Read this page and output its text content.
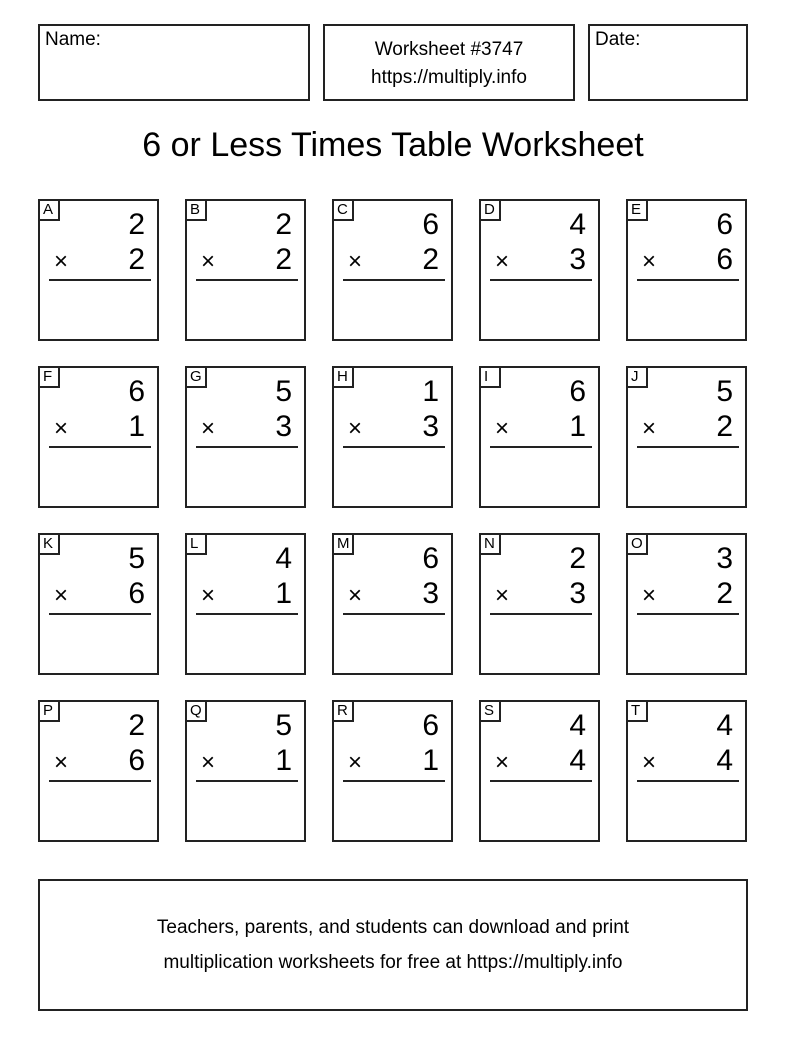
Name:	Worksheet #3747
https://multiply.info
Date:
6 or Less Times Table Worksheet
A	2
× 2
B	2
× 2
C 6
× 2
D 4
× 3
E	6
× 6
F	6
× 1
G 5
× 3
H 1
× 3
I	6
× 1
J	5
× 2
K	5
× 6
L	4
× 1
M 6
× 3
N 2
× 3
O 3
× 2
P	2
× 6
Q 5
× 1
R 6
× 1
S	4
× 4
T	4
× 4
Teachers, parents, and students can download and print
multiplication worksheets for free at https://multiply.info
